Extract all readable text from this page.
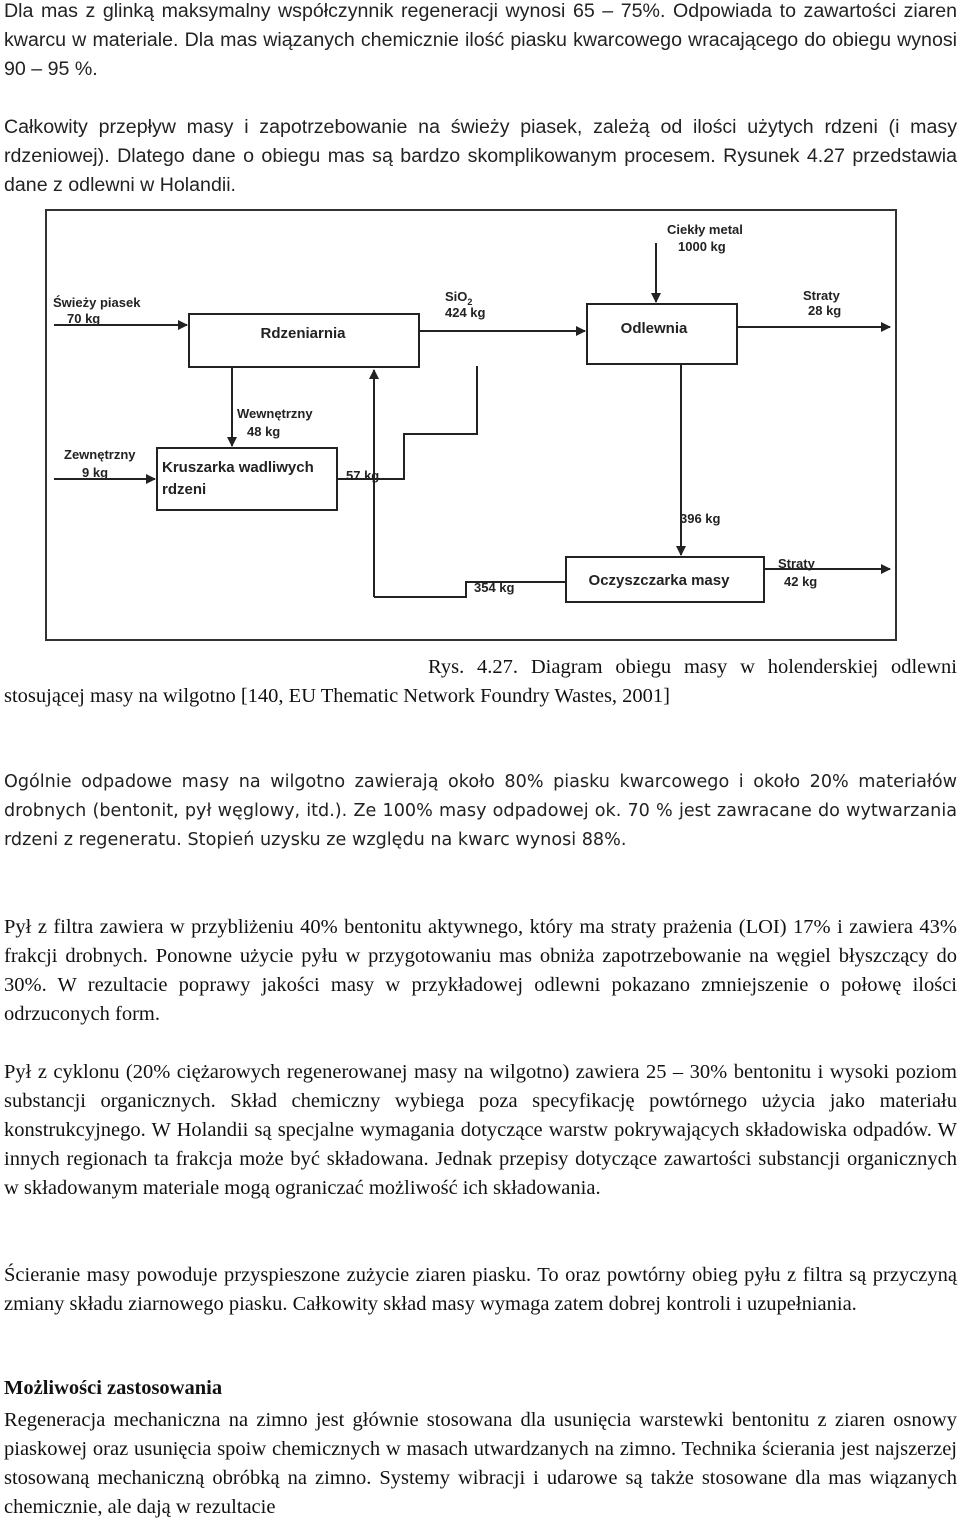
Dla mas z glinką maksymalny współczynnik regeneracji wynosi 65 – 75%. Odpowiada to zawartości ziaren kwarcu w materiale. Dla mas wiązanych chemicznie ilość piasku kwarcowego wracającego do obiegu wynosi 90 – 95 %.

Całkowity przepływ masy i zapotrzebowanie na świeży piasek, zależą od ilości użytych rdzeni (i masy rdzeniowej). Dlatego dane o obiegu mas są bardzo skomplikowanym procesem. Rysunek 4.27 przedstawia dane z odlewni w Holandii.

Rdzeniarnia	Odlewnia
Kruszarka wadliwych
rdzeni
Oczyszczarka masy
Ciekły metal
1000 kg
Świeży piasek
70 kg
SiO$_2$
424 kg
Straty
28 kg
Wewnętrzny
48 kg
Zewnętrzny
9 kg	57 kg
396 kg
Straty
42 kg
354 kg

Rys. 4.27. Diagram obiegu masy w holenderskiej odlewni stosującej masy na wilgotno [140, EU Thematic Network Foundry Wastes, 2001]

Ogólnie odpadowe masy na wilgotno zawierają około 80% piasku kwarcowego i około 20% materiałów drobnych (bentonit, pył węglowy, itd.). Ze 100% masy odpadowej ok. 70 % jest zawracane do wytwarzania rdzeni z regeneratu. Stopień uzysku ze względu na kwarc wynosi 88%.

Pył z filtra zawiera w przybliżeniu 40% bentonitu aktywnego, który ma straty prażenia (LOI) 17% i zawiera 43% frakcji drobnych. Ponowne użycie pyłu w przygotowaniu mas obniża zapotrzebowanie na węgiel błyszczący do 30%. W rezultacie poprawy jakości masy w przykładowej odlewni pokazano zmniejszenie o połowę ilości odrzuconych form.

Pył z cyklonu (20% ciężarowych regenerowanej masy na wilgotno) zawiera 25 – 30% bentonitu i wysoki poziom substancji organicznych. Skład chemiczny wybiega poza specyfikację powtórnego użycia jako materiału konstrukcyjnego. W Holandii są specjalne wymagania dotyczące warstw pokrywających składowiska odpadów. W innych regionach ta frakcja może być składowana. Jednak przepisy dotyczące zawartości substancji organicznych w składowanym materiale mogą ograniczać możliwość ich składowania.

Ścieranie masy powoduje przyspieszone zużycie ziaren piasku. To oraz powtórny obieg pyłu z filtra są przyczyną zmiany składu ziarnowego piasku. Całkowity skład masy wymaga zatem dobrej kontroli i uzupełniania.

Możliwości zastosowania

Regeneracja mechaniczna na zimno jest głównie stosowana dla usunięcia warstewki bentonitu z ziaren osnowy piaskowej oraz usunięcia spoiw chemicznych w masach utwardzanych na zimno. Technika ścierania jest najszerzej stosowaną mechaniczną obróbką na zimno. Systemy wibracji i udarowe są także stosowane dla mas wiązanych chemicznie, ale dają w rezultacie
